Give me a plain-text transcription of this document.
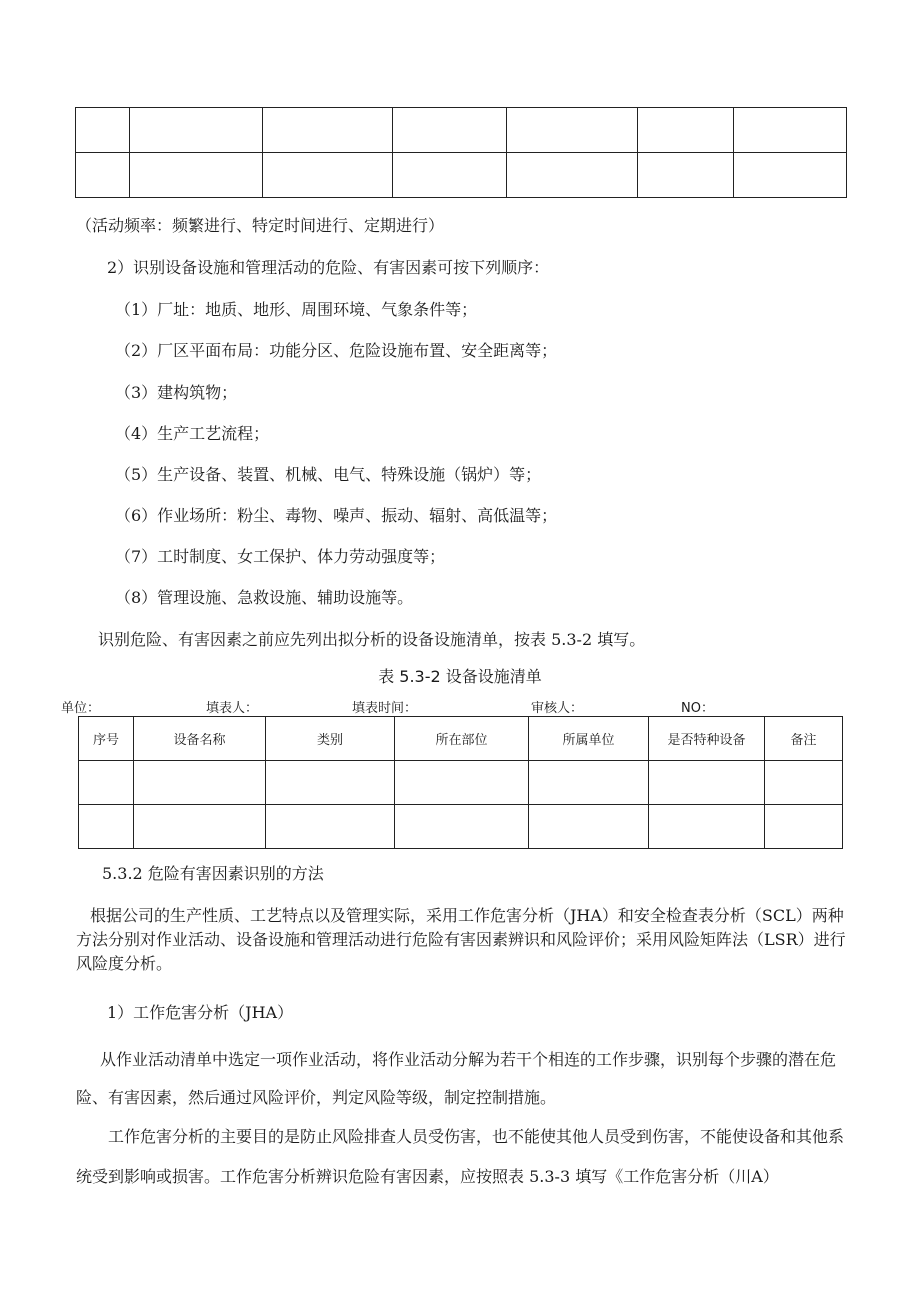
（活动频率：频繁进行、特定时间进行、定期进行）
2）识别设备设施和管理活动的危险、有害因素可按下列顺序：
（1）厂址：地质、地形、周围环境、气象条件等；
（2）厂区平面布局：功能分区、危险设施布置、安全距离等；
（3）建构筑物；
（4）生产工艺流程；
（5）生产设备、装置、机械、电气、特殊设施（锅炉）等；
（6）作业场所：粉尘、毒物、噪声、振动、辐射、高低温等；
（7）工时制度、女工保护、体力劳动强度等；
（8）管理设施、急救设施、辅助设施等。
识别危险、有害因素之前应先列出拟分析的设备设施清单，按表 5.3-2 填写。
表 5.3-2 设备设施清单
单位：	填表人：	填表时间：	审核人：	NO：
序号	设备名称	类别	所在部位	所属单位	是否特种设备	备注

5.3.2 危险有害因素识别的方法
根据公司的生产性质、工艺特点以及管理实际，采用工作危害分析（JHA）和安全检查表分析（SCL）两种方法分别对作业活动、设备设施和管理活动进行危险有害因素辨识和风险评价；采用风险矩阵法（LSR）进行风险度分析。
1）工作危害分析（JHA）
从作业活动清单中选定一项作业活动，将作业活动分解为若干个相连的工作步骤，识别每个步骤的潜在危险、有害因素，然后通过风险评价，判定风险等级，制定控制措施。
工作危害分析的主要目的是防止风险排查人员受伤害，也不能使其他人员受到伤害，不能使设备和其他系统受到影响或损害。工作危害分析辨识危险有害因素，应按照表 5.3-3 填写《工作危害分析（川A）
